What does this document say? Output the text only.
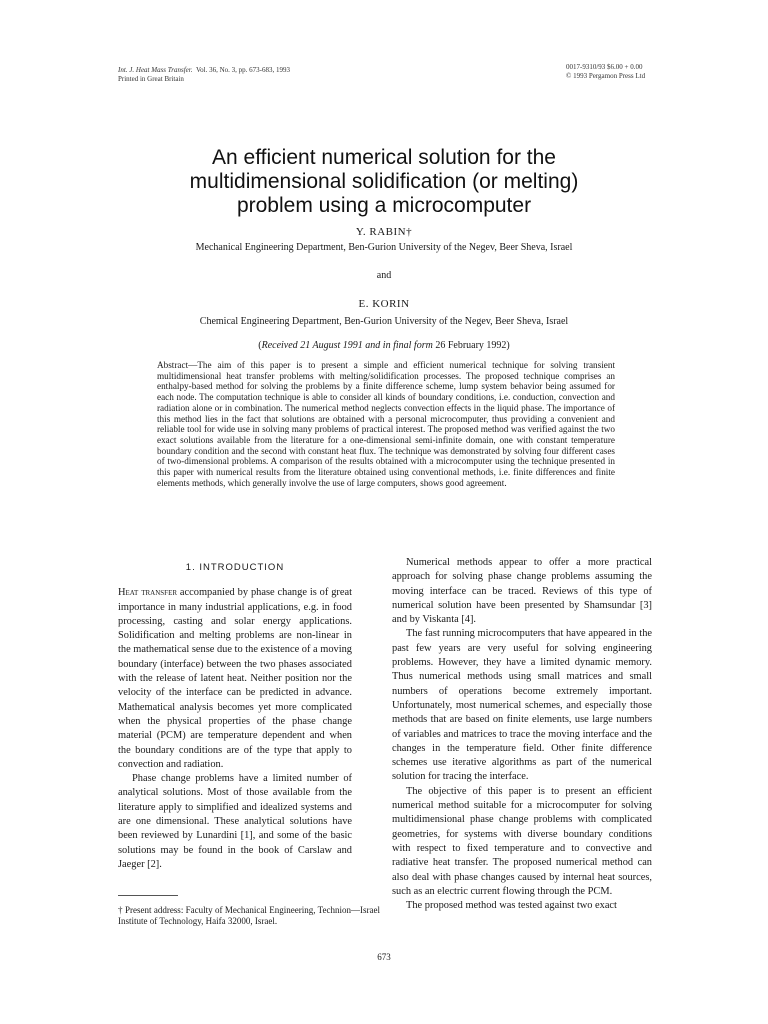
Int. J. Heat Mass Transfer. Vol. 36, No. 3, pp. 673-683, 1993
Printed in Great Britain
0017-9310/93 $6.00 + 0.00
© 1993 Pergamon Press Ltd
An efficient numerical solution for the
multidimensional solidification (or melting)
problem using a microcomputer
Y. RABIN†
Mechanical Engineering Department, Ben-Gurion University of the Negev, Beer Sheva, Israel
and
E. KORIN
Chemical Engineering Department, Ben-Gurion University of the Negev, Beer Sheva, Israel
(Received 21 August 1991 and in final form 26 February 1992)
Abstract—The aim of this paper is to present a simple and efficient numerical technique for solving transient multidimensional heat transfer problems with melting/solidification processes. The proposed technique comprises an enthalpy-based method for solving the problems by a finite difference scheme, lump system behavior being assumed for each node. The computation technique is able to consider all kinds of boundary conditions, i.e. conduction, convection and radiation alone or in combination. The numerical method neglects convection effects in the liquid phase. The importance of this method lies in the fact that solutions are obtained with a personal microcomputer, thus providing a convenient and reliable tool for wide use in solving many problems of practical interest. The proposed method was verified against the two exact solutions available from the literature for a one-dimensional semi-infinite domain, one with constant temperature boundary condition and the second with constant heat flux. The technique was demonstrated by solving four different cases of two-dimensional problems. A comparison of the results obtained with a microcomputer using the technique presented in this paper with numerical results from the literature obtained using conventional methods, i.e. finite differences and finite elements methods, which generally involve the use of large computers, shows good agreement.
1. INTRODUCTION

Heat transfer accompanied by phase change is of great importance in many industrial applications, e.g. in food processing, casting and solar energy applications. Solidification and melting problems are non-linear in the mathematical sense due to the existence of a moving boundary (interface) between the two phases associated with the release of latent heat. Neither position nor the velocity of the interface can be predicted in advance. Mathematical analysis becomes yet more complicated when the physical properties of the phase change material (PCM) are temperature dependent and when the boundary conditions are of the type that apply to convection and radiation.

Phase change problems have a limited number of analytical solutions. Most of those available from the literature apply to simplified and idealized systems and are one dimensional. These analytical solutions have been reviewed by Lunardini [1], and some of the basic solutions may be found in the book of Carslaw and Jaeger [2].

Numerical methods appear to offer a more practical approach for solving phase change problems assuming the moving interface can be traced. Reviews of this type of numerical solution have been presented by Shamsundar [3] and by Viskanta [4].

The fast running microcomputers that have appeared in the past few years are very useful for solving engineering problems. However, they have a limited dynamic memory. Thus numerical methods using small matrices and small numbers of operations become extremely important. Unfortunately, most numerical schemes, and especially those methods that are based on finite elements, use large numbers of variables and matrices to trace the moving interface and the changes in the temperature field. Other finite difference schemes use iterative algorithms as part of the numerical solution for tracing the interface.

The objective of this paper is to present an efficient numerical method suitable for a microcomputer for solving multidimensional phase change problems with complicated geometries, for systems with diverse boundary conditions with respect to fixed temperature and to convective and radiative heat transfer. The proposed numerical method can also deal with phase changes caused by internal heat sources, such as an electric current flowing through the PCM.

The proposed method was tested against two exact

† Present address: Faculty of Mechanical Engineering, Technion—Israel Institute of Technology, Haifa 32000, Israel.
673
